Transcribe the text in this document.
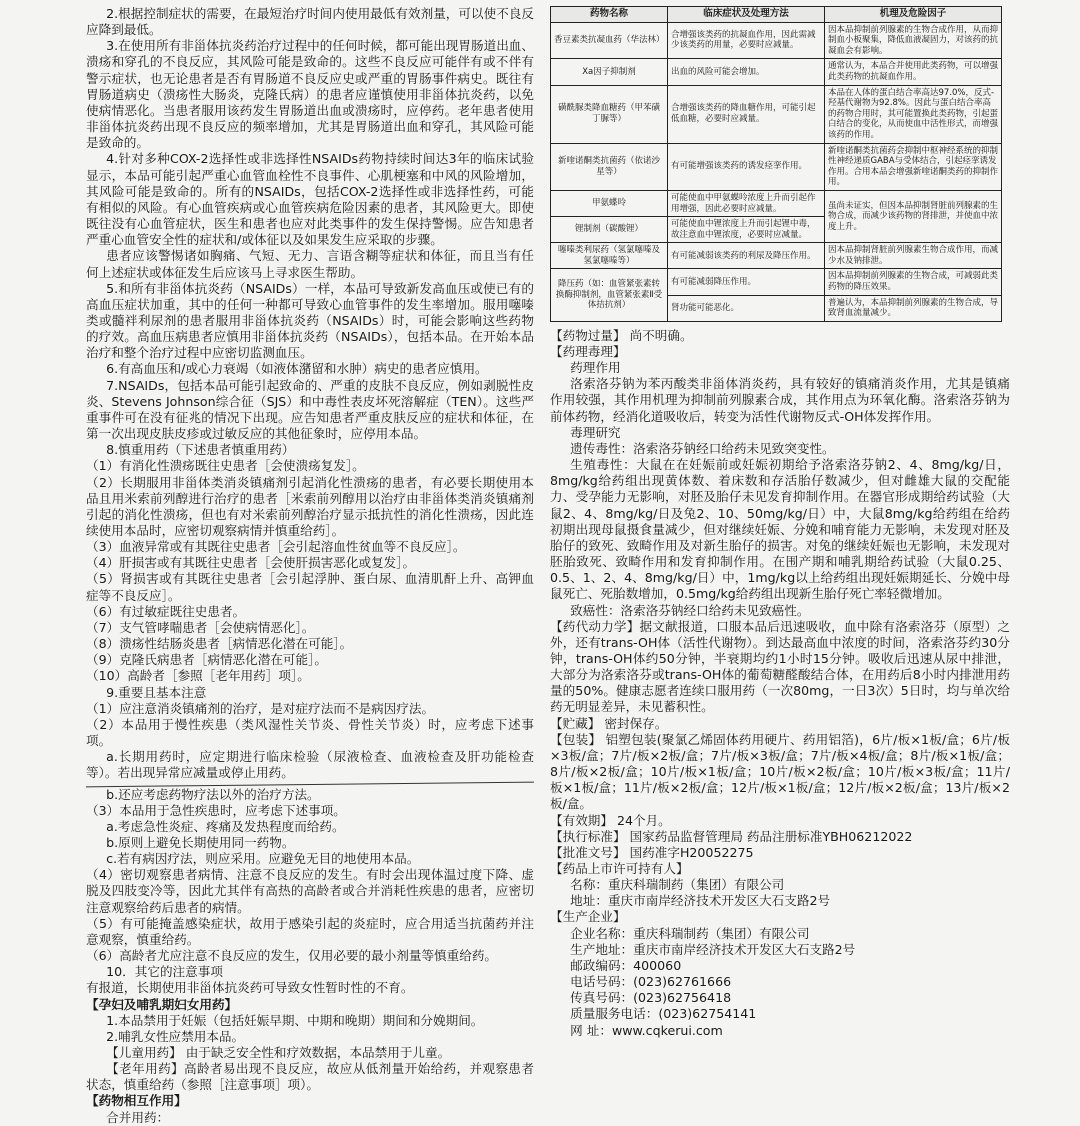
2.根据控制症状的需要，在最短治疗时间内使用最低有效剂量，可以使不良反应降到最低。

3.在使用所有非甾体抗炎药治疗过程中的任何时候，都可能出现胃肠道出血、溃疡和穿孔的不良反应，其风险可能是致命的。这些不良反应可能伴有或不伴有警示症状，也无论患者是否有胃肠道不良反应史或严重的胃肠事件病史。既往有胃肠道病史（溃疡性大肠炎，克隆氏病）的患者应谨慎使用非甾体抗炎药，以免使病情恶化。当患者服用该药发生胃肠道出血或溃疡时，应停药。老年患者使用非甾体抗炎药出现不良反应的频率增加，尤其是胃肠道出血和穿孔，其风险可能是致命的。

4.针对多种COX-2选择性或非选择性NSAIDs药物持续时间达3年的临床试验显示，本品可能引起严重心血管血栓性不良事件、心肌梗塞和中风的风险增加，其风险可能是致命的。所有的NSAIDs，包括COX-2选择性或非选择性药，可能有相似的风险。有心血管疾病或心血管疾病危险因素的患者，其风险更大。即使既往没有心血管症状，医生和患者也应对此类事件的发生保持警惕。应告知患者严重心血管安全性的症状和/或体征以及如果发生应采取的步骤。

患者应该警惕诸如胸痛、气短、无力、言语含糊等症状和体征，而且当有任何上述症状或体征发生后应该马上寻求医生帮助。

5.和所有非甾体抗炎药（NSAIDs）一样，本品可导致新发高血压或使已有的高血压症状加重，其中的任何一种都可导致心血管事件的发生率增加。服用噻嗪类或髓袢利尿剂的患者服用非甾体抗炎药（NSAIDs）时，可能会影响这些药物的疗效。高血压病患者应慎用非甾体抗炎药（NSAIDs），包括本品。在开始本品治疗和整个治疗过程中应密切监测血压。

6.有高血压和/或心力衰竭（如液体潴留和水肿）病史的患者应慎用。

7.NSAIDs，包括本品可能引起致命的、严重的皮肤不良反应，例如剥脱性皮炎、Stevens Johnson综合征（SJS）和中毒性表皮坏死溶解症（TEN）。这些严重事件可在没有征兆的情况下出现。应告知患者严重皮肤反应的症状和体征，在第一次出现皮肤皮疹或过敏反应的其他征象时，应停用本品。

8.慎重用药（下述患者慎重用药）

（1）有消化性溃疡既往史患者［会使溃疡复发］。

（2）长期服用非甾体类消炎镇痛剂引起消化性溃疡的患者，有必要长期使用本品且用米索前列醇进行治疗的患者［米索前列醇用以治疗由非甾体类消炎镇痛剂引起的消化性溃疡，但也有对米索前列醇治疗显示抵抗性的消化性溃疡，因此连续使用本品时，应密切观察病情并慎重给药］。

（3）血液异常或有其既往史患者［会引起溶血性贫血等不良反应］。

（4）肝损害或有其既往史患者［会使肝损害恶化或复发］。

（5）肾损害或有其既往史患者［会引起浮肿、蛋白尿、血清肌酐上升、高钾血症等不良反应］。

（6）有过敏症既往史患者。

（7）支气管哮喘患者［会使病情恶化］。

（8）溃疡性结肠炎患者［病情恶化潜在可能］。

（9）克隆氏病患者［病情恶化潜在可能］。

（10）高龄者［参照［老年用药］项］。

9.重要且基本注意

（1）应注意消炎镇痛剂的治疗，是对症疗法而不是病因疗法。

（2）本品用于慢性疾患（类风湿性关节炎、骨性关节炎）时，应考虑下述事项。

a.长期用药时，应定期进行临床检验（尿液检查、血液检查及肝功能检查等）。若出现异常应减量或停止用药。

b.还应考虑药物疗法以外的治疗方法。

（3）本品用于急性疾患时，应考虑下述事项。

a.考虑急性炎症、疼痛及发热程度而给药。

b.原则上避免长期使用同一药物。

c.若有病因疗法，则应采用。应避免无目的地使用本品。

（4）密切观察患者病情、注意不良反应的发生。有时会出现体温过度下降、虚脱及四肢变冷等，因此尤其伴有高热的高龄者或合并消耗性疾患的患者，应密切注意观察给药后患者的病情。

（5）有可能掩盖感染症状，故用于感染引起的炎症时，应合用适当抗菌药并注意观察，慎重给药。

（6）高龄者尤应注意不良反应的发生，仅用必要的最小剂量等慎重给药。

10．其它的注意事项

有报道，长期使用非甾体抗炎药可导致女性暂时性的不育。

【孕妇及哺乳期妇女用药】

1.本品禁用于妊娠（包括妊娠早期、中期和晚期）期间和分娩期间。

2.哺乳女性应禁用本品。

【儿童用药】 由于缺乏安全性和疗效数据，本品禁用于儿童。

【老年用药】高龄者易出现不良反应，故应从低剂量开始给药，并观察患者状态，慎重给药（参照［注意事项］项）。

【药物相互作用】

合并用药：

药物名称	临床症状及处理方法	机理及危险因子
香豆素类抗凝血药（华法林）	合增强该类药的抗凝血作用，因此需减少该类药的用量，必要时应减量。	因本品抑制前列腺素的生物合成作用，从而抑制血小板聚集，降低血液凝固力，对该药的抗凝血会有影响。
Xa因子抑制剂	出血的风险可能会增加。	通常认为，本品合并使用此类药物，可以增强此类药物的抗凝血作用。
磺酰脲类降血糖药（甲苯磺丁脲等）	合增强该类药的降血糖作用，可能引起低血糖，必要时应减量。	本品在人体的蛋白结合率高达97.0%，反式-羟基代谢物为92.8%。因此与蛋白结合率高的药物合用时，其可能置换此类药物，引起蛋白结合的变化，从而使血中活性形式，而增强该药的作用。
新喹诺酮类抗菌药（依诺沙星等）	有可能增强该类药的诱发痉挛作用。	新喹诺酮类抗菌药会抑制中枢神经系统的抑制性神经递质GABA与受体结合，引起痉挛诱发作用。合用本品会增强新喹诺酮类药的抑制作用。
甲氨蝶呤	可能使血中甲氨蝶呤浓度上升而引起作用增强，因此必要时应减量。	虽尚未证实，但因本品抑制肾脏前列腺素的生物合成，而减少该药物的肾排泄，并使血中浓度上升。
锂制剂（碳酸锂）	可能使血中锂浓度上升而引起锂中毒，故注意血中锂浓度，必要时应减量。	
噻嗪类利尿药（氢氯噻嗪及氢氯噻嗪等）	有可能减弱该类药的利尿及降压作用。	因本品抑制肾脏前列腺素生物合成作用，而减少水及钠排泄。
降压药（如：血管紧张素转换酶抑制剂，血管紧张素Ⅱ受体拮抗剂）	有可能减弱降压作用。	因本品抑制前列腺素的生物合成，可减弱此类药物的降压效果。
	肾功能可能恶化。	普遍认为，本品抑制前列腺素的生物合成，导致肾血流量减少。

【药物过量】 尚不明确。

【药理毒理】

药理作用

洛索洛芬钠为苯丙酸类非甾体消炎药，具有较好的镇痛消炎作用，尤其是镇痛作用较强，其作用机理为抑制前列腺素合成，其作用点为环氧化酶。洛索洛芬钠为前体药物，经消化道吸收后，转变为活性代谢物反式-OH体发挥作用。

毒理研究

遗传毒性：洛索洛芬钠经口给药未见致突变性。

生殖毒性：大鼠在在妊娠前或妊娠初期给予洛索洛芬钠2、4、8mg/kg/日，8mg/kg给药组出现黄体数、着床数和存活胎仔数减少，但对雌雄大鼠的交配能力、受孕能力无影响，对胚及胎仔未见发育抑制作用。在器官形成期给药试验（大鼠2、4、8mg/kg/日及兔2、10、50mg/kg/日）中，大鼠8mg/kg给药组在给药初期出现母鼠摄食量减少，但对继续妊娠、分娩和哺育能力无影响，未发现对胚及胎仔的致死、致畸作用及对新生胎仔的损害。对兔的继续妊娠也无影响，未发现对胚胎致死、致畸作用和发育抑制作用。在围产期和哺乳期给药试验（大鼠0.25、0.5、1、2、4、8mg/kg/日）中，1mg/kg以上给药组出现妊娠期延长、分娩中母鼠死亡、死胎数增加，0.5mg/kg给药组出现新生胎仔死亡率轻微增加。

致癌性：洛索洛芬钠经口给药未见致癌性。

【药代动力学】据文献报道，口服本品后迅速吸收，血中除有洛索洛芬（原型）之外，还有trans-OH体（活性代谢物）。到达最高血中浓度的时间，洛索洛芬约30分钟，trans-OH体约50分钟，半衰期均约1小时15分钟。吸收后迅速从尿中排泄，大部分为洛索洛芬或trans-OH体的葡萄糖醛酸结合体，在用药后8小时内排泄用药量的50%。健康志愿者连续口服用药（一次80mg，一日3次）5日时，均与单次给药无明显差异，未见蓄积性。

【贮藏】 密封保存。

【包装】 铝塑包装(聚氯乙烯固体药用硬片、药用铝箔)，6片/板×1板/盒；6片/板×3板/盒；7片/板×2板/盒；7片/板×3板/盒；7片/板×4板/盒；8片/板×1板/盒；8片/板×2板/盒；10片/板×1板/盒；10片/板×2板/盒；10片/板×3板/盒；11片/板×1板/盒；11片/板×2板/盒；12片/板×1板/盒；12片/板×2板/盒；13片/板×2板/盒。

【有效期】 24个月。

【执行标准】 国家药品监督管理局 药品注册标准YBH06212022

【批准文号】 国药准字H20052275

【药品上市许可持有人】

名称：重庆科瑞制药（集团）有限公司

地址：重庆市南岸经济技术开发区大石支路2号

【生产企业】

企业名称：重庆科瑞制药（集团）有限公司

生产地址：重庆市南岸经济技术开发区大石支路2号

邮政编码：400060

电话号码：(023)62761666

传真号码：(023)62756418

质量服务电话：(023)62754141

网 址：www.cqkerui.com
